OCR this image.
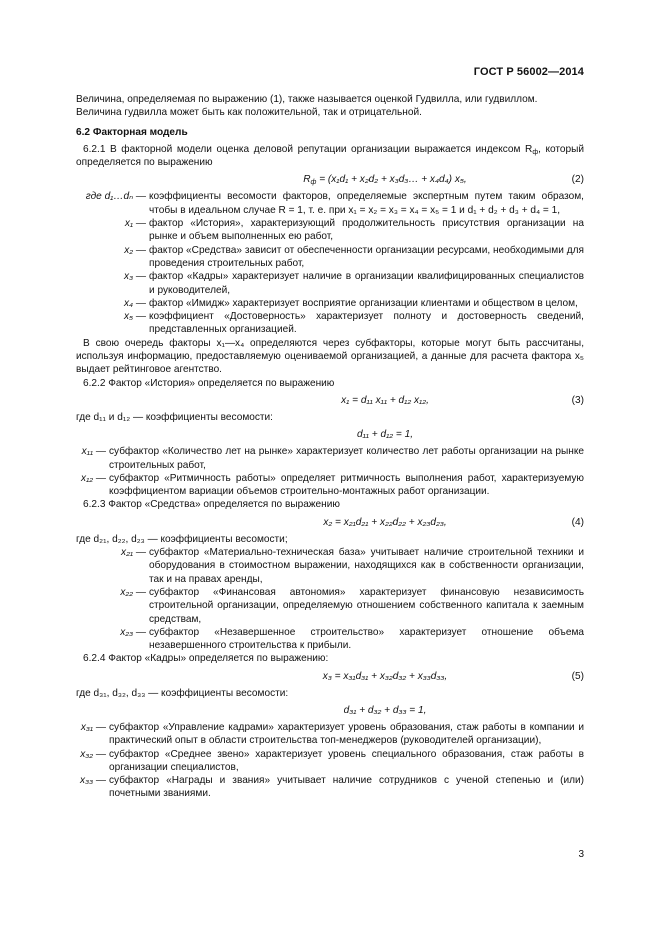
ГОСТ Р 56002—2014

Величина, определяемая по выражению (1), также называется оценкой Гудвилла, или гудвиллом.

Величина гудвилла может быть как положительной, так и отрицательной.

6.2 Факторная модель

6.2.1 В факторной модели оценка деловой репутации организации выражается индексом $R_ф$, который определяется по выражению

$R_ф = (x_1d_1 + x_2d_2$ + x₃d₃… + x₄d₄) x₅,	(2)
где d₁…dₙ — коэффициенты весомости факторов, определяемые экспертным путем таким образом, чтобы в идеальном случае R = 1, т. е. при x₁ = x₂ = x₃ = x₄ = x₅ = 1 и d₁ + d₂ + d₃ + d₄ = 1,
x₁ — фактор «История», характеризующий продолжительность присутствия организации на рынке и объем выполненных ею работ,
x₂ — фактор «Средства» зависит от обеспеченности организации ресурсами, необходимыми для проведения строительных работ,
x₃ — фактор «Кадры» характеризует наличие в организации квалифицированных специалистов и руководителей,
x₄ — фактор «Имидж» характеризует восприятие организации клиентами и обществом в целом,
x₅ — коэффициент «Достоверность» характеризует полноту и достоверность сведений, представленных организацией.

В свою очередь факторы x₁—x₄ определяются через субфакторы, которые могут быть рассчитаны, используя информацию, предоставляемую оцениваемой организацией, а данные для расчета фактора x₅ выдает рейтинговое агентство.

6.2.2 Фактор «История» определяется по выражению

x₁ = d₁₁ x₁₁ + d₁₂ x₁₂,	(3)

где d₁₁ и d₁₂ — коэффициенты весомости:

d₁₁ + d₁₂ = 1,
x₁₁ — субфактор «Количество лет на рынке» характеризует количество лет работы организации на рынке строительных работ,
x₁₂ — субфактор «Ритмичность работы» определяет ритмичность выполнения работ, характеризуемую коэффициентом вариации объемов строительно-монтажных работ организации.

6.2.3 Фактор «Средства» определяется по выражению

x₂ = x₂₁d₂₁ + x₂₂d₂₂ + x₂₃d₂₃,	(4)

где d₂₁, d₂₂, d₂₃ — коэффициенты весомости;

x₂₁ — субфактор «Материально-техническая база» учитывает наличие строительной техники и оборудования в стоимостном выражении, находящихся как в собственности организации, так и на правах аренды,
x₂₂ — субфактор «Финансовая автономия» характеризует финансовую независимость строительной организации, определяемую отношением собственного капитала к заемным средствам,
x₂₃ — субфактор «Незавершенное строительство» характеризует отношение объема незавершенного строительства к прибыли.

6.2.4 Фактор «Кадры» определяется по выражению:

x₃ = x₃₁d₃₁ + x₃₂d₃₂ + x₃₃d₃₃,	(5)

где d₃₁, d₃₂, d₃₃ — коэффициенты весомости:

d₃₁ + d₃₂ + d₃₃ = 1,
x₃₁ — субфактор «Управление кадрами» характеризует уровень образования, стаж работы в компании и практический опыт в области строительства топ-менеджеров (руководителей организации),
x₃₂ — субфактор «Среднее звено» характеризует уровень специального образования, стаж работы в организации специалистов,
x₃₃ — субфактор «Награды и звания» учитывает наличие сотрудников с ученой степенью и (или) почетными званиями.
3
